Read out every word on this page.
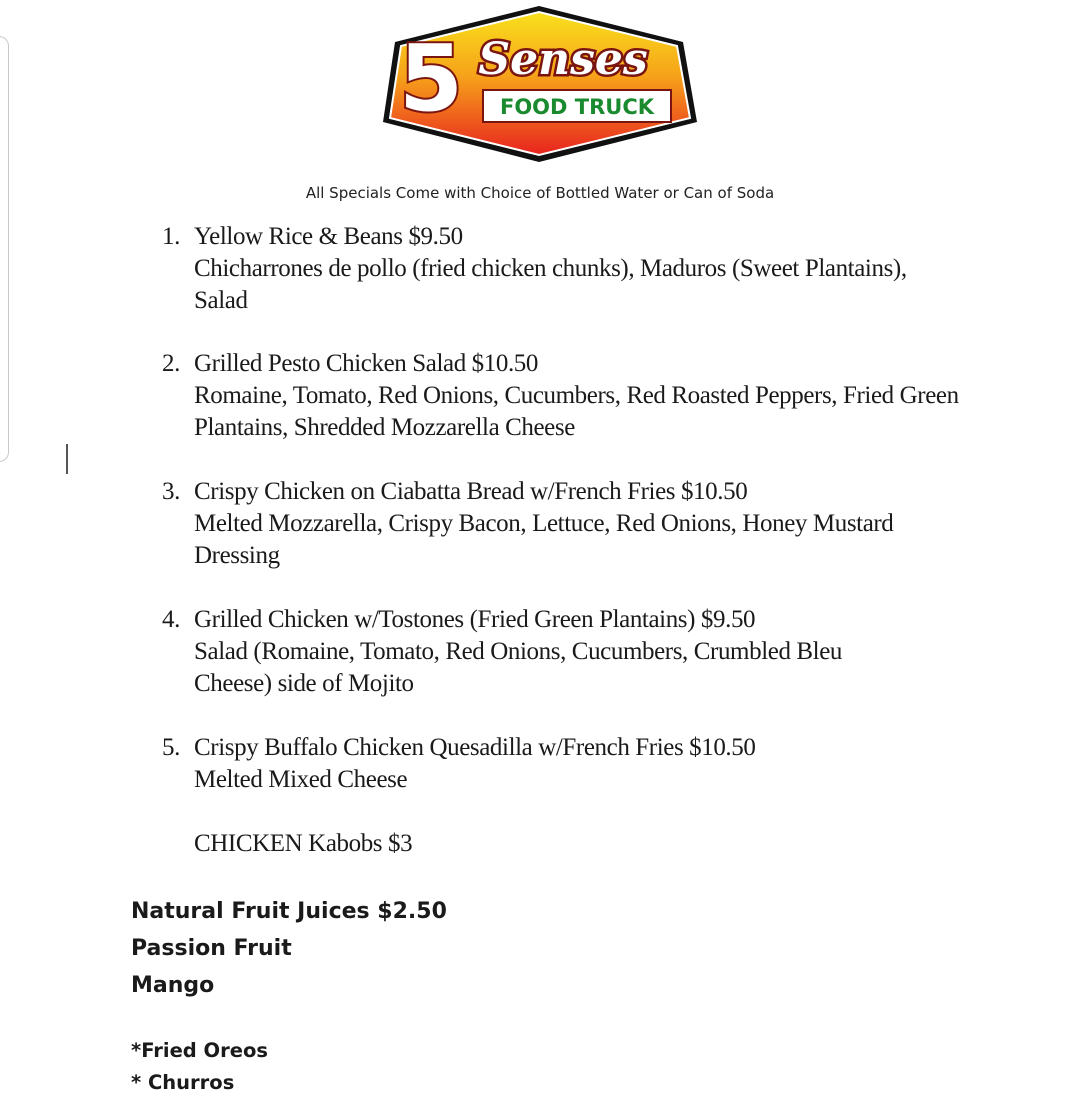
5 Senses
FOOD TRUCK
All Specials Come with Choice of Bottled Water or Can of Soda
1. Yellow Rice & Beans $9.50
Chicharrones de pollo (fried chicken chunks), Maduros (Sweet Plantains), Salad
2. Grilled Pesto Chicken Salad $10.50
Romaine, Tomato, Red Onions, Cucumbers, Red Roasted Peppers, Fried Green Plantains, Shredded Mozzarella Cheese
3. Crispy Chicken on Ciabatta Bread w/French Fries $10.50
Melted Mozzarella, Crispy Bacon, Lettuce, Red Onions, Honey Mustard Dressing
4. Grilled Chicken w/Tostones (Fried Green Plantains) $9.50
Salad (Romaine, Tomato, Red Onions, Cucumbers, Crumbled Bleu Cheese) side of Mojito
5. Crispy Buffalo Chicken Quesadilla w/French Fries $10.50
Melted Mixed Cheese
CHICKEN Kabobs $3
Natural Fruit Juices $2.50
Passion Fruit
Mango
*Fried Oreos
* Churros
